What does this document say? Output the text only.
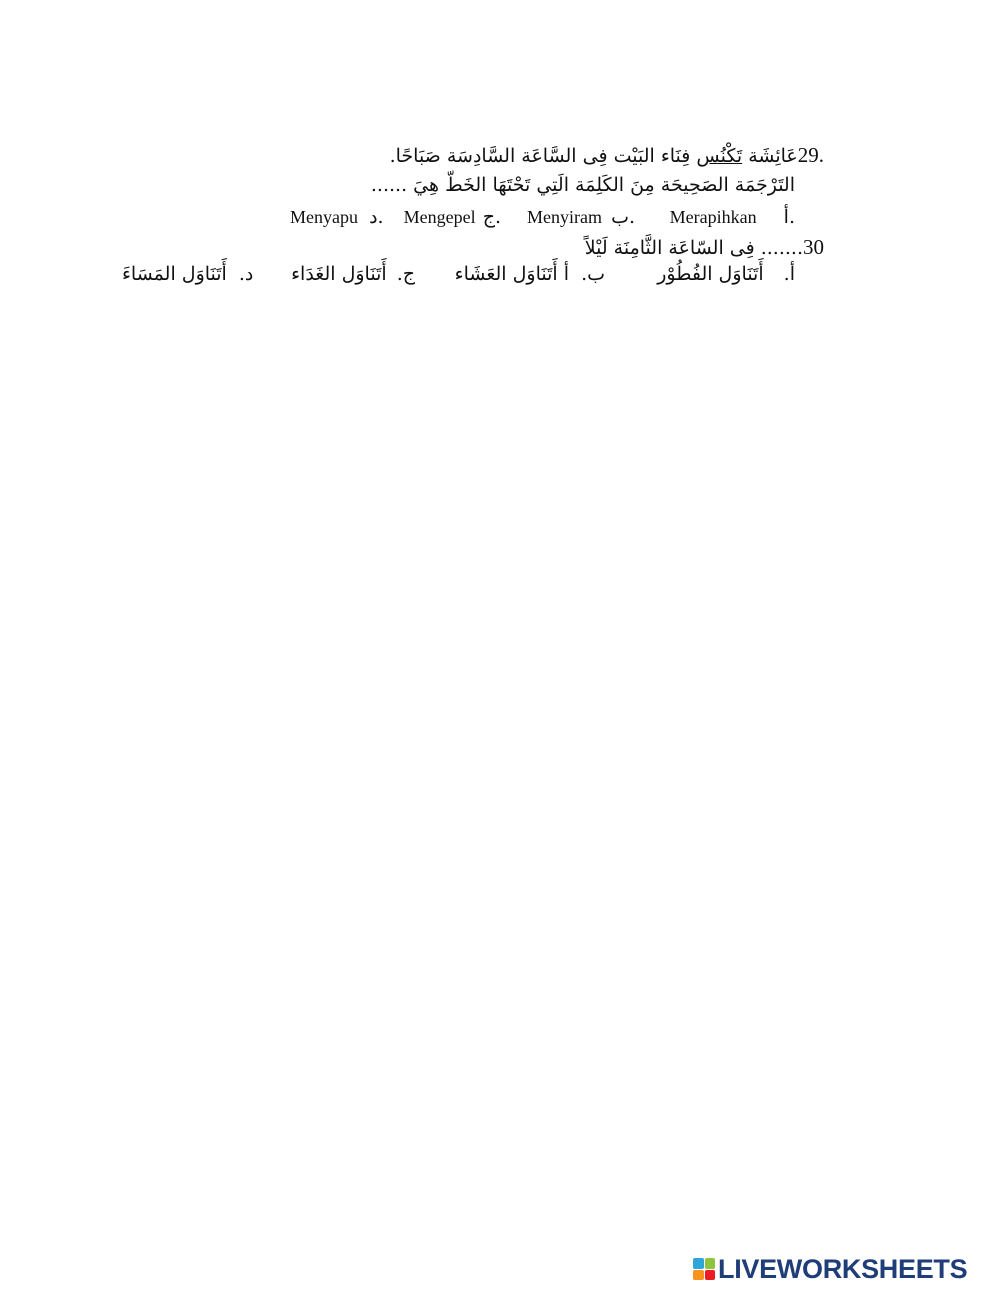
عَائِشَة تَكْنُس فِنَاء البَيْت فِى السَّاعَة السَّادِسَة صَبَاحًا.	29.
التَرْجَمَة الصَحِيحَة مِنَ الكَلِمَة الَتِي تَحْتَهَا الخَطّ هِيَ ......
Merapihkan أ.
Menyiram ب.
Mengepel ج.
Menyapu د.
....... فِى السّاعَة الثَّامِنَة لَيْلاً30
أ. أَتَنَاوَل الفُطُوْر
ب. أ أَتَنَاوَل العَشَاء
ج. أَتَنَاوَل الغَدَاء
د. أَتَنَاوَل المَسَاءَ
LIVEWORKSHEETS
